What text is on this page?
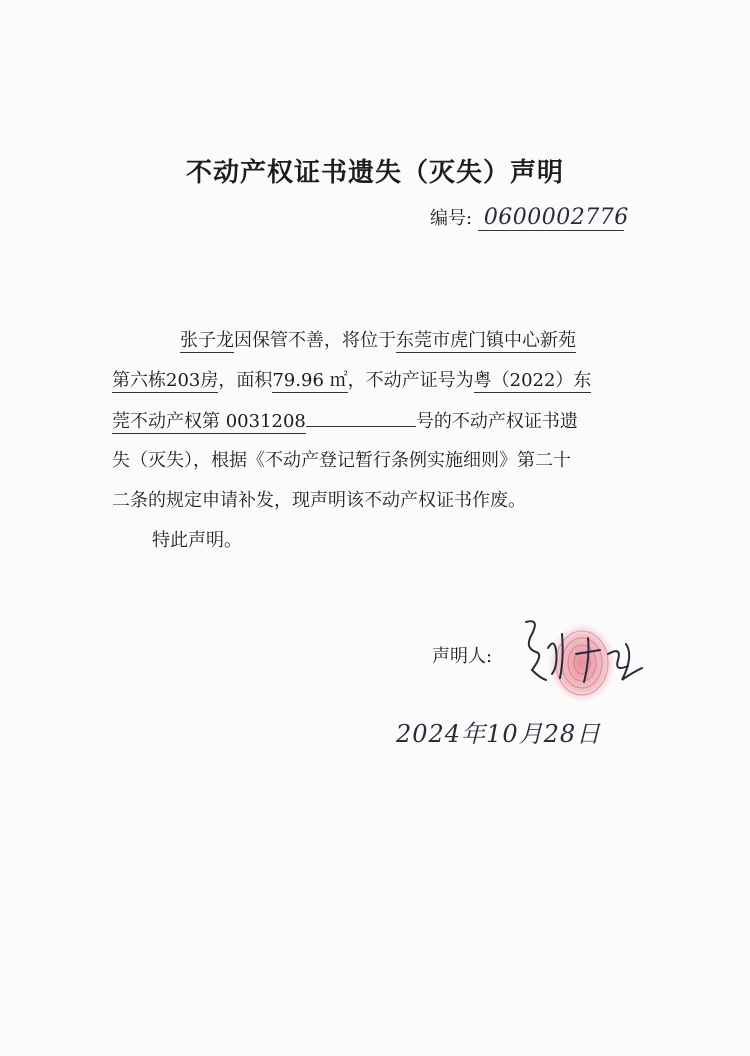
不动产权证书遗失（灭失）声明
编号: 0600002776
张子龙因保管不善，将位于东莞市虎门镇中心新苑
第六栋203房，面积79.96 ㎡，不动产证号为粤（2022）东
莞不动产权第 0031208	号的不动产权证书遗
失（灭失），根据《不动产登记暂行条例实施细则》第二十
二条的规定申请补发，现声明该不动产权证书作废。
特此声明。
声明人:
2024年10月28日
